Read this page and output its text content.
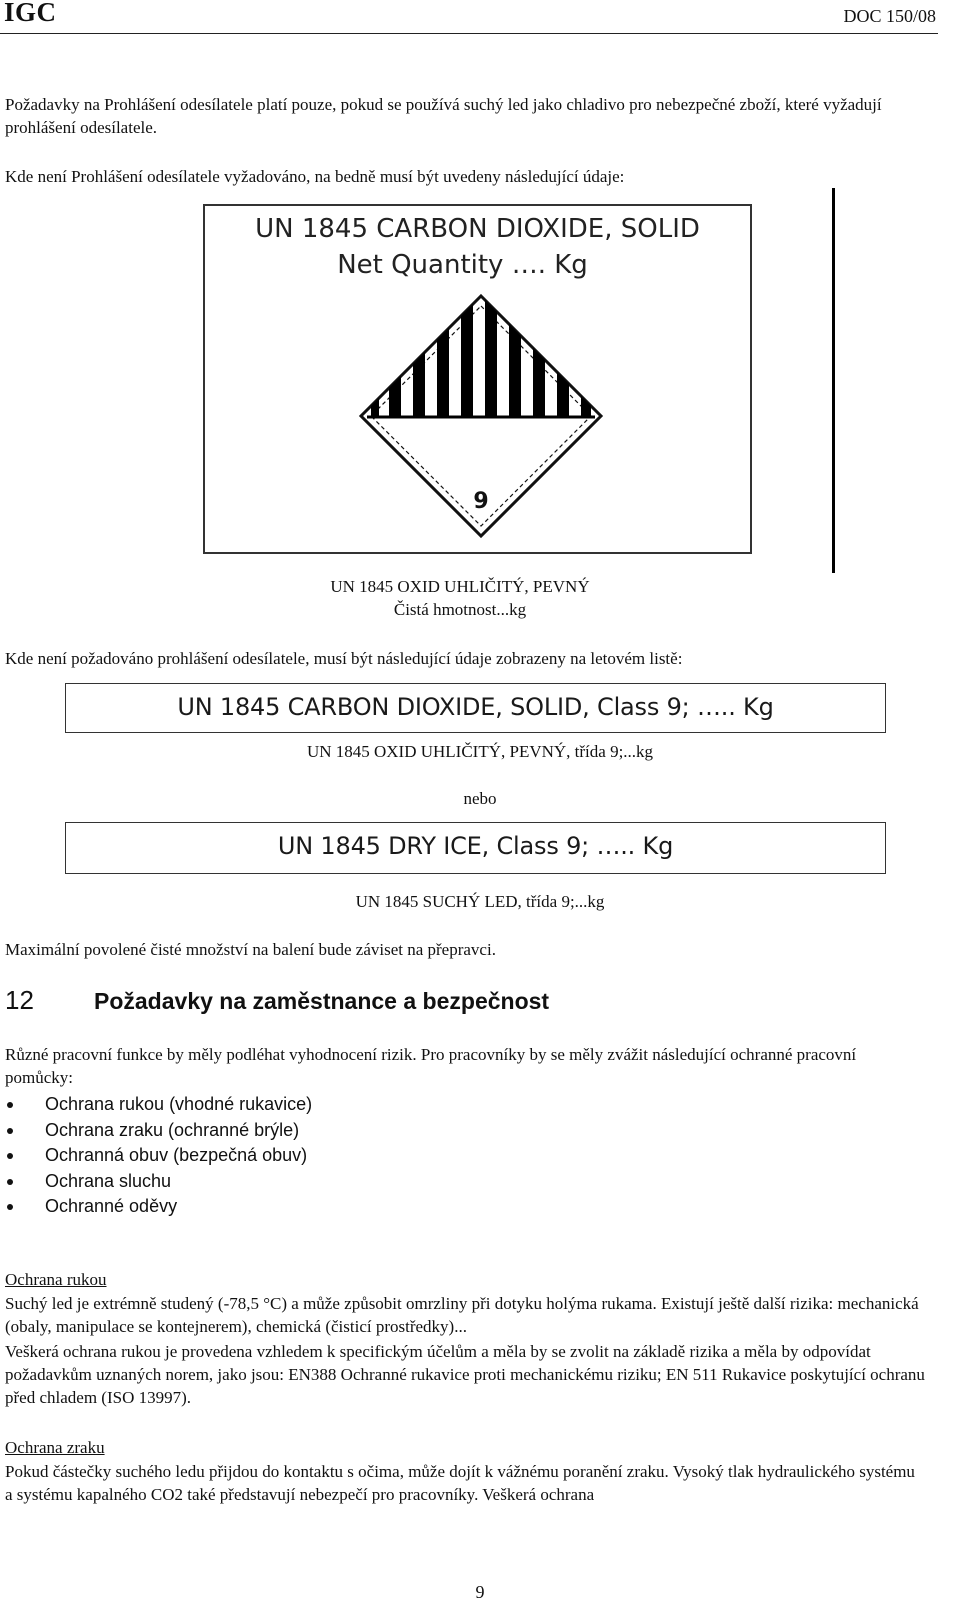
IGC	DOC 150/08
Požadavky na Prohlášení odesílatele platí pouze, pokud se používá suchý led jako chladivo pro nebezpečné zboží, které vyžadují prohlášení odesílatele.
Kde není Prohlášení odesílatele vyžadováno, na bedně musí být uvedeny následující údaje:
UN 1845 CARBON DIOXIDE, SOLID
Net Quantity …. Kg
9
UN 1845 OXID UHLIČITÝ, PEVNÝ
Čistá hmotnost...kg
Kde není požadováno prohlášení odesílatele, musí být následující údaje zobrazeny na letovém listě:
UN 1845 CARBON DIOXIDE, SOLID, Class 9; ….. Kg
UN 1845 OXID UHLIČITÝ, PEVNÝ, třída 9;...kg
nebo
UN 1845 DRY ICE, Class 9; ….. Kg
UN 1845 SUCHÝ LED, třída 9;...kg
Maximální povolené čisté množství na balení bude záviset na přepravci.
12	Požadavky na zaměstnance a bezpečnost
Různé pracovní funkce by měly podléhat vyhodnocení rizik. Pro pracovníky by se měly zvážit následující ochranné pracovní pomůcky:
Ochrana rukou (vhodné rukavice)
Ochrana zraku (ochranné brýle)
Ochranná obuv (bezpečná obuv)
Ochrana sluchu
Ochranné oděvy
Ochrana rukou
Suchý led je extrémně studený (-78,5 °C) a může způsobit omrzliny při dotyku holýma rukama. Existují ještě další rizika: mechanická (obaly, manipulace se kontejnerem), chemická (čisticí prostředky)...
Veškerá ochrana rukou je provedena vzhledem k specifickým účelům a měla by se zvolit na základě rizika a měla by odpovídat požadavkům uznaných norem, jako jsou: EN388 Ochranné rukavice proti mechanickému riziku; EN 511 Rukavice poskytující ochranu před chladem (ISO 13997).
Ochrana zraku
Pokud částečky suchého ledu přijdou do kontaktu s očima, může dojít k vážnému poranění zraku. Vysoký tlak hydraulického systému a systému kapalného CO2 také představují nebezpečí pro pracovníky. Veškerá ochrana
9
